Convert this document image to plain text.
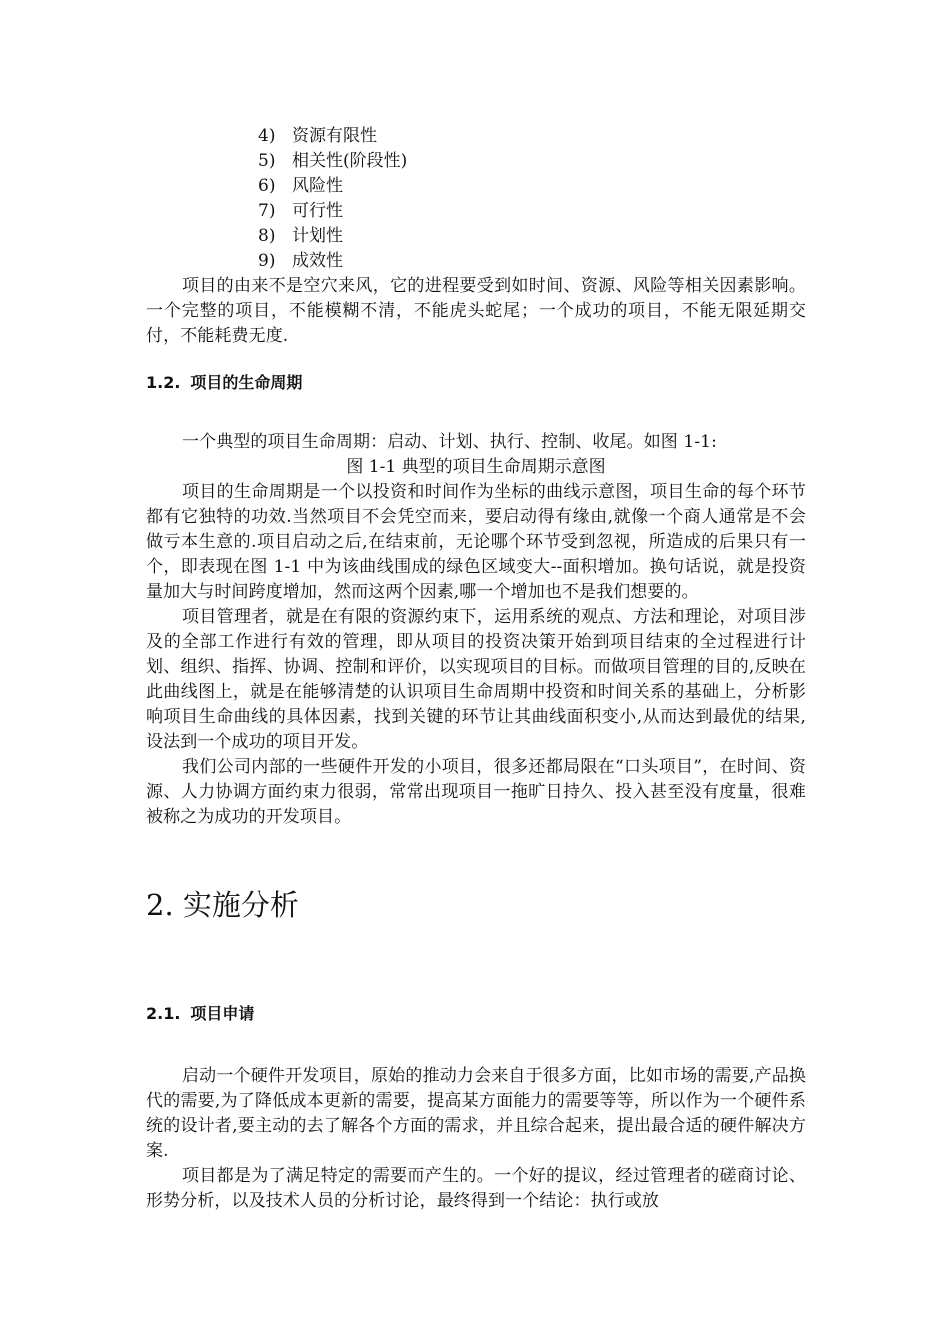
4) 资源有限性
5) 相关性(阶段性)
6) 风险性
7) 可行性
8) 计划性
9) 成效性

项目的由来不是空穴来风，它的进程要受到如时间、资源、风险等相关因素影响。一个完整的项目，不能模糊不清，不能虎头蛇尾；一个成功的项目，不能无限延期交付，不能耗费无度.

1.2. 项目的生命周期

一个典型的项目生命周期：启动、计划、执行、控制、收尾。如图 1-1:

图 1-1 典型的项目生命周期示意图

项目的生命周期是一个以投资和时间作为坐标的曲线示意图，项目生命的每个环节都有它独特的功效.当然项目不会凭空而来，要启动得有缘由,就像一个商人通常是不会做亏本生意的.项目启动之后,在结束前，无论哪个环节受到忽视，所造成的后果只有一个，即表现在图 1-1 中为该曲线围成的绿色区域变大--面积增加。换句话说，就是投资量加大与时间跨度增加，然而这两个因素,哪一个增加也不是我们想要的。

项目管理者，就是在有限的资源约束下，运用系统的观点、方法和理论，对项目涉及的全部工作进行有效的管理，即从项目的投资决策开始到项目结束的全过程进行计划、组织、指挥、协调、控制和评价，以实现项目的目标。而做项目管理的目的,反映在此曲线图上，就是在能够清楚的认识项目生命周期中投资和时间关系的基础上，分析影响项目生命曲线的具体因素，找到关键的环节让其曲线面积变小,从而达到最优的结果,设法到一个成功的项目开发。

我们公司内部的一些硬件开发的小项目，很多还都局限在“口头项目”，在时间、资源、人力协调方面约束力很弱，常常出现项目一拖旷日持久、投入甚至没有度量，很难被称之为成功的开发项目。

2. 实施分析
2.1. 项目申请

启动一个硬件开发项目，原始的推动力会来自于很多方面，比如市场的需要,产品换代的需要,为了降低成本更新的需要，提高某方面能力的需要等等，所以作为一个硬件系统的设计者,要主动的去了解各个方面的需求，并且综合起来，提出最合适的硬件解决方案.

项目都是为了满足特定的需要而产生的。一个好的提议，经过管理者的磋商讨论、形势分析，以及技术人员的分析讨论，最终得到一个结论：执行或放
